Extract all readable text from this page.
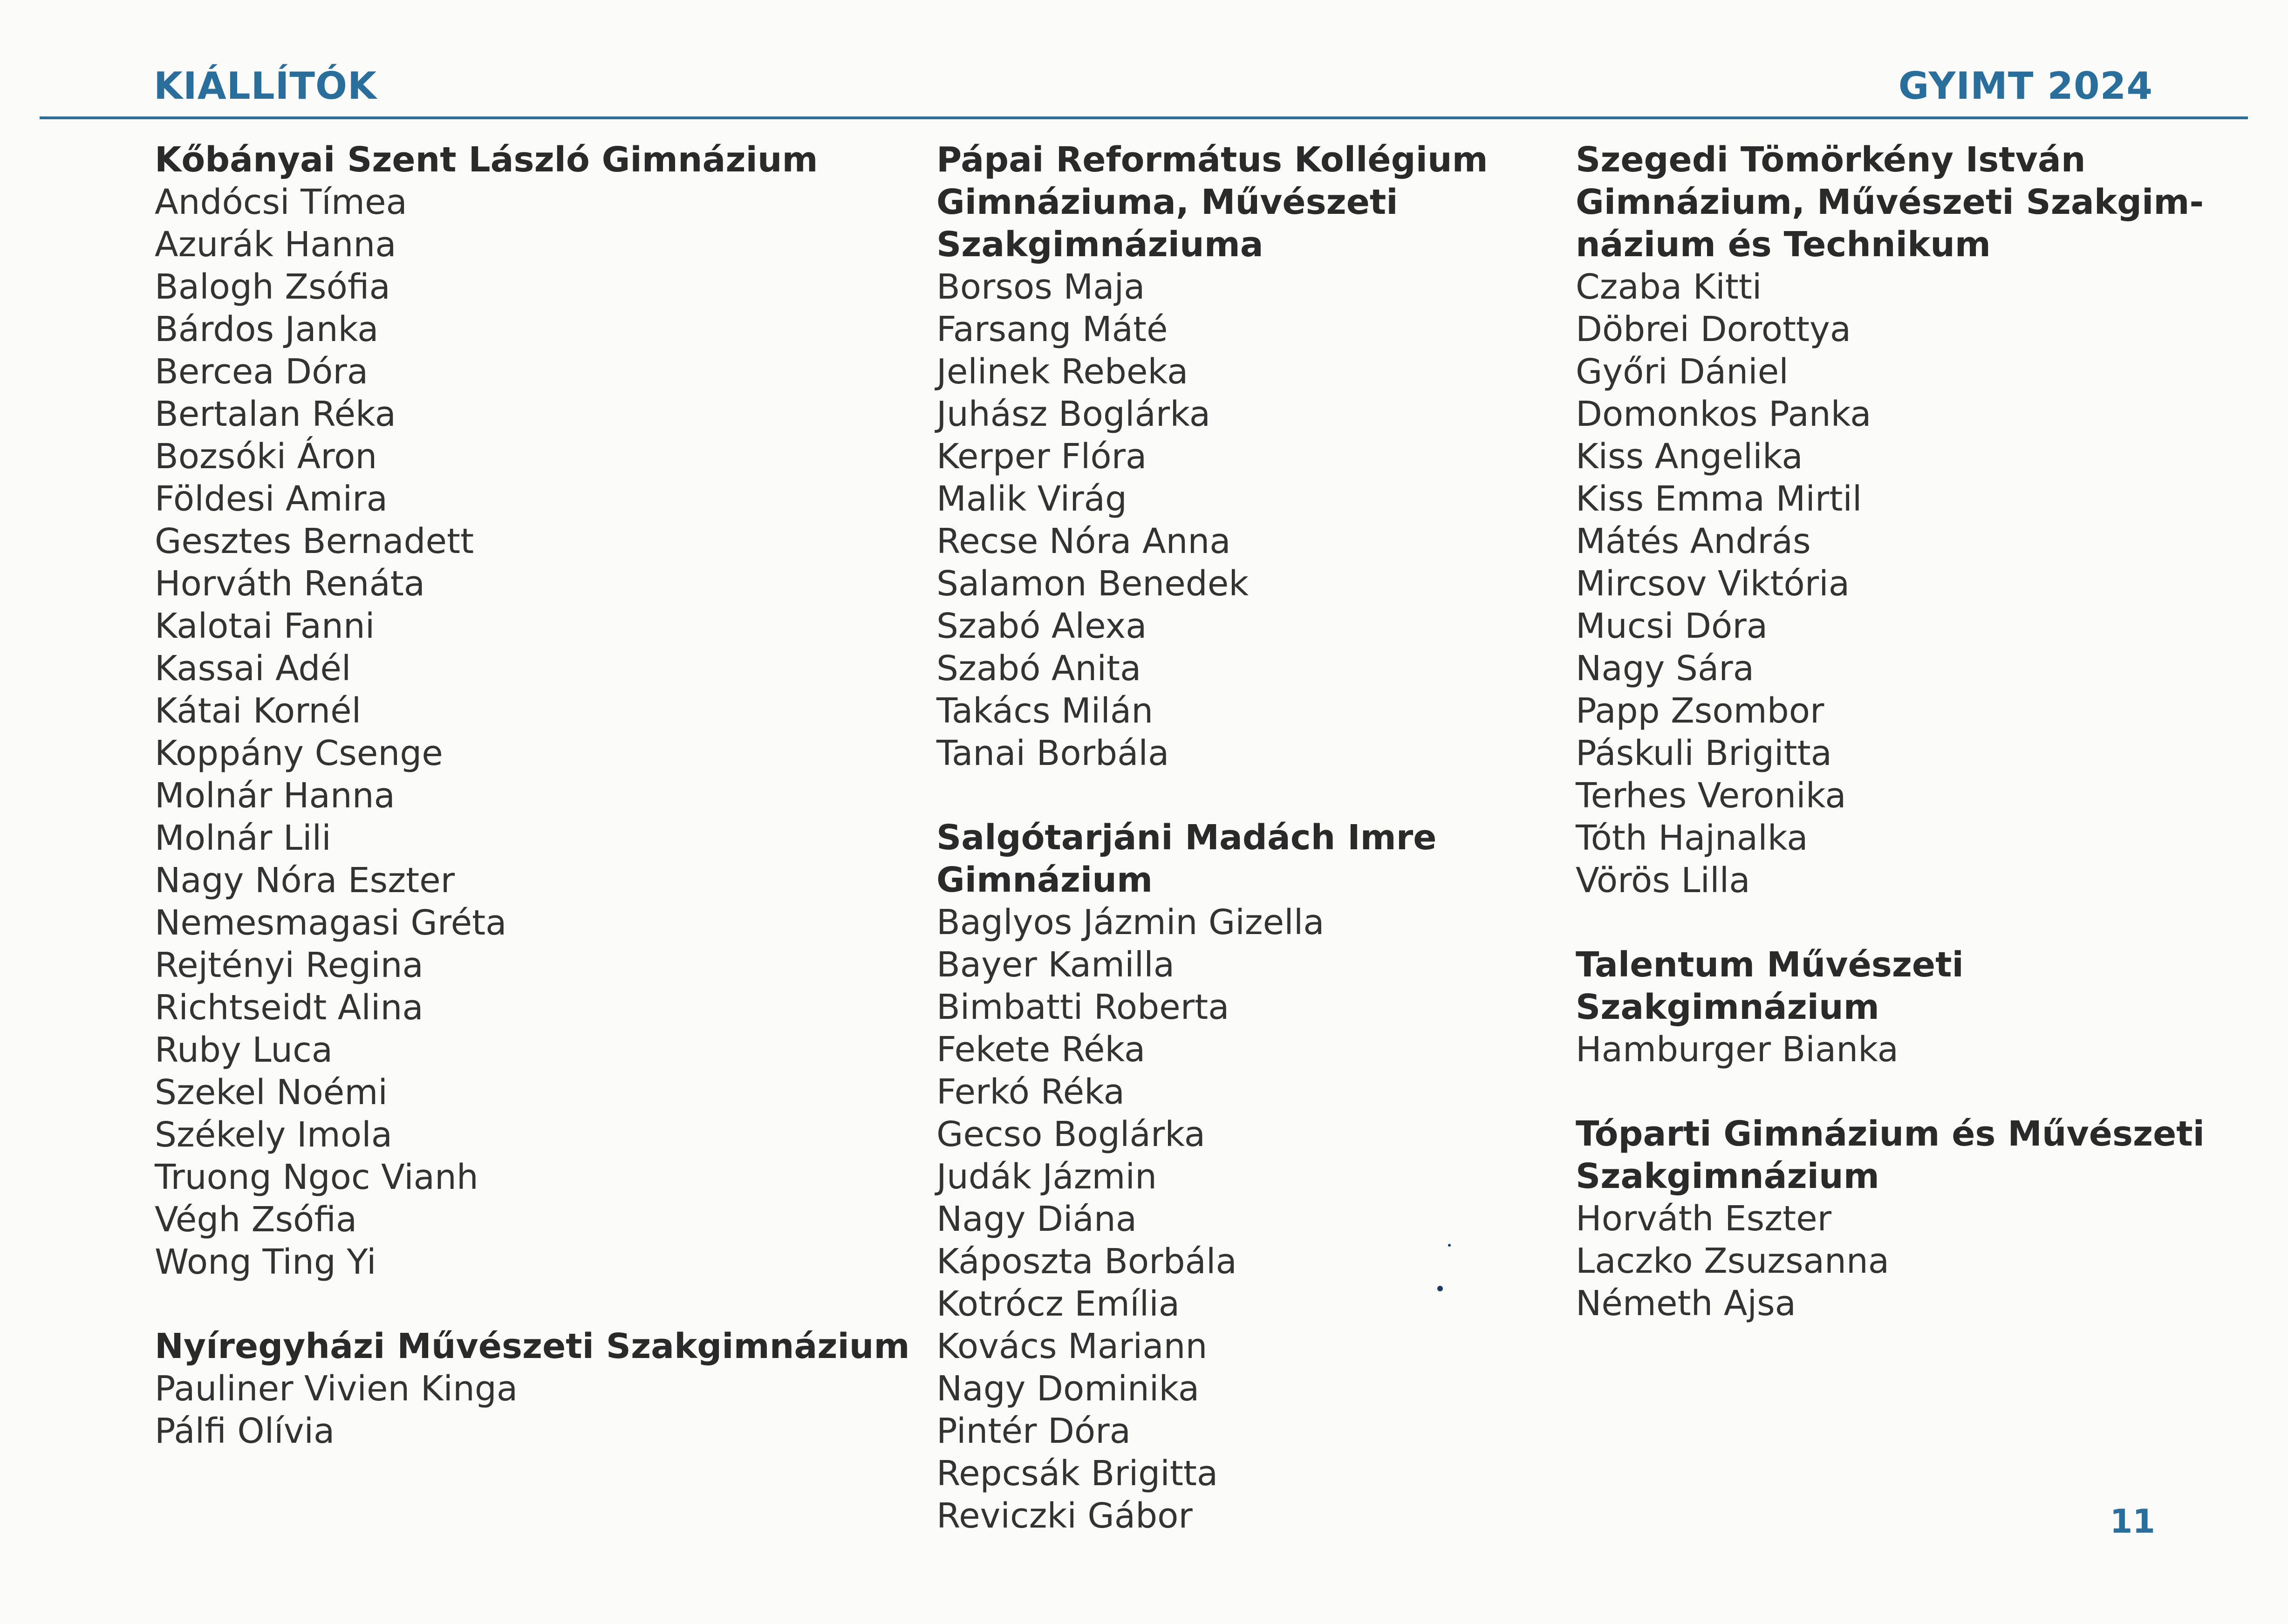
KIÁLLÍTÓK	GYIMT 2024
Kőbányai Szent László Gimnázium
Andócsi Tímea
Azurák Hanna
Balogh Zsófia
Bárdos Janka
Bercea Dóra
Bertalan Réka
Bozsóki Áron
Földesi Amira
Gesztes Bernadett
Horváth Renáta
Kalotai Fanni
Kassai Adél
Kátai Kornél
Koppány Csenge
Molnár Hanna
Molnár Lili
Nagy Nóra Eszter
Nemesmagasi Gréta
Rejtényi Regina
Richtseidt Alina
Ruby Luca
Szekel Noémi
Székely Imola
Truong Ngoc Vianh
Végh Zsófia
Wong Ting Yi
Nyíregyházi Művészeti Szakgimnázium
Pauliner Vivien Kinga
Pálfi Olívia
Pápai Református Kollégium
Gimnáziuma, Művészeti
Szakgimnáziuma
Borsos Maja
Farsang Máté
Jelinek Rebeka
Juhász Boglárka
Kerper Flóra
Malik Virág
Recse Nóra Anna
Salamon Benedek
Szabó Alexa
Szabó Anita
Takács Milán
Tanai Borbála
Salgótarjáni Madách Imre
Gimnázium
Baglyos Jázmin Gizella
Bayer Kamilla
Bimbatti Roberta
Fekete Réka
Ferkó Réka
Gecso Boglárka
Judák Jázmin
Nagy Diána
Káposzta Borbála
Kotrócz Emília
Kovács Mariann
Nagy Dominika
Pintér Dóra
Repcsák Brigitta
Reviczki Gábor
Szegedi Tömörkény István
Gimnázium, Művészeti Szakgim-
názium és Technikum
Czaba Kitti
Döbrei Dorottya
Győri Dániel
Domonkos Panka
Kiss Angelika
Kiss Emma Mirtil
Mátés András
Mircsov Viktória
Mucsi Dóra
Nagy Sára
Papp Zsombor
Páskuli Brigitta
Terhes Veronika
Tóth Hajnalka
Vörös Lilla
Talentum Művészeti
Szakgimnázium
Hamburger Bianka
Tóparti Gimnázium és Művészeti
Szakgimnázium
Horváth Eszter
Laczko Zsuzsanna
Németh Ajsa
11
